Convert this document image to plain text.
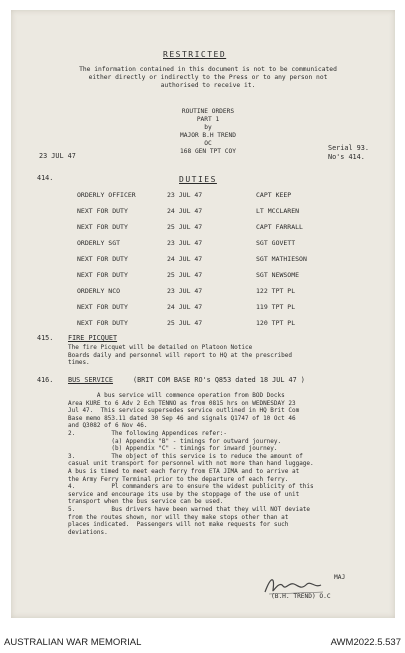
RESTRICTED
The information contained in this document is not to be communicated either directly or indirectly to the Press or to any person not authorised to receive it.
ROUTINE ORDERS
PART 1
by
MAJOR B.H TREND
OC
168 GEN TPT COY
23 JUL 47
Serial 93.
No's 414.
414.	DUTIES
ORDERLY OFFICER	23 JUL 47	CAPT KEEP
NEXT FOR DUTY	24 JUL 47	LT MCCLAREN
NEXT FOR DUTY	25 JUL 47	CAPT FARRALL
ORDERLY SGT	23 JUL 47	SGT GOVETT
NEXT FOR DUTY	24 JUL 47	SGT MATHIESON
NEXT FOR DUTY	25 JUL 47	SGT NEWSOME
ORDERLY NCO	23 JUL 47	122 TPT PL
NEXT FOR DUTY	24 JUL 47	119 TPT PL
NEXT FOR DUTY	25 JUL 47	120 TPT PL
415. FIRE PICQUET
The fire Picquet will be detailed on Platoon Notice
Boards daily and personnel will report to HQ at the prescribed
times.
416. BUS SERVICE	(BRIT COM BASE RO's Q853 dated 18 JUL 47 )
A bus service will commence operation from BOD Docks
Area KURE to 6 Adv 2 Ech TENNO as from 0815 hrs on WEDNESDAY 23
Jul 47.  This service supersedes service outlined in HQ Brit Com
Base memo 853.11 dated 30 Sep 46 and signals Q1747 of 10 Oct 46
and Q3082 of 6 Nov 46.
2.          The following Appendices refer:-
(a) Appendix "B" - timings for outward journey.
(b) Appendix "C" - timings for inward journey.
3.          The object of this service is to reduce the amount of
casual unit transport for personnel with not more than hand luggage.
A bus is timed to meet each ferry from ETA JIMA and to arrive at
the Army Ferry Terminal prior to the departure of each ferry.
4.          Pl commanders are to ensure the widest publicity of this
service and encourage its use by the stoppage of the use of unit
transport when the bus service can be used.
5.          Bus drivers have been warned that they will NOT deviate
from the routes shown, nor will they make stops other than at
places indicated.  Passengers will not make requests for such
deviations.
MAJ
(B.H. TREND) O.C
AUSTRALIAN WAR MEMORIAL	AWM2022.5.537
